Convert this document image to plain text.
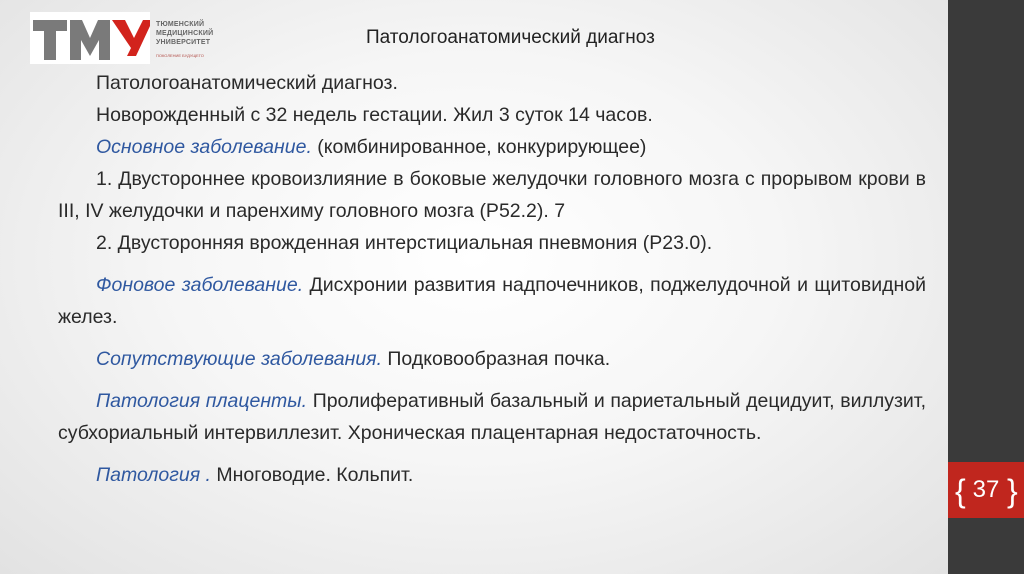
{ }
37
ТЮМЕНСКИЙ
МЕДИЦИНСКИЙ
УНИВЕРСИТЕТ
ПОКОЛЕНИЕ БУДУЩЕГО
Патологоанатомический диагноз

Патологоанатомический диагноз.

Новорожденный с 32 недель гестации. Жил 3 суток 14 часов.

Основное заболевание. (комбинированное, конкурирующее)

1. Двустороннее кровоизлияние в боковые желудочки головного мозга с прорывом крови в III, IV желудочки и паренхиму головного мозга (Р52.2). 7

2. Двусторонняя врожденная интерстициальная пневмония (Р23.0).

Фоновое заболевание. Дисхронии развития надпочечников, поджелудочной и щитовидной желез.

Сопутствующие заболевания. Подковообразная почка.

Патология плаценты. Пролиферативный базальный и париетальный децидуит, виллузит, субхориальный интервиллезит. Хроническая плацентарная недостаточность.

Патология . Многоводие. Кольпит.
